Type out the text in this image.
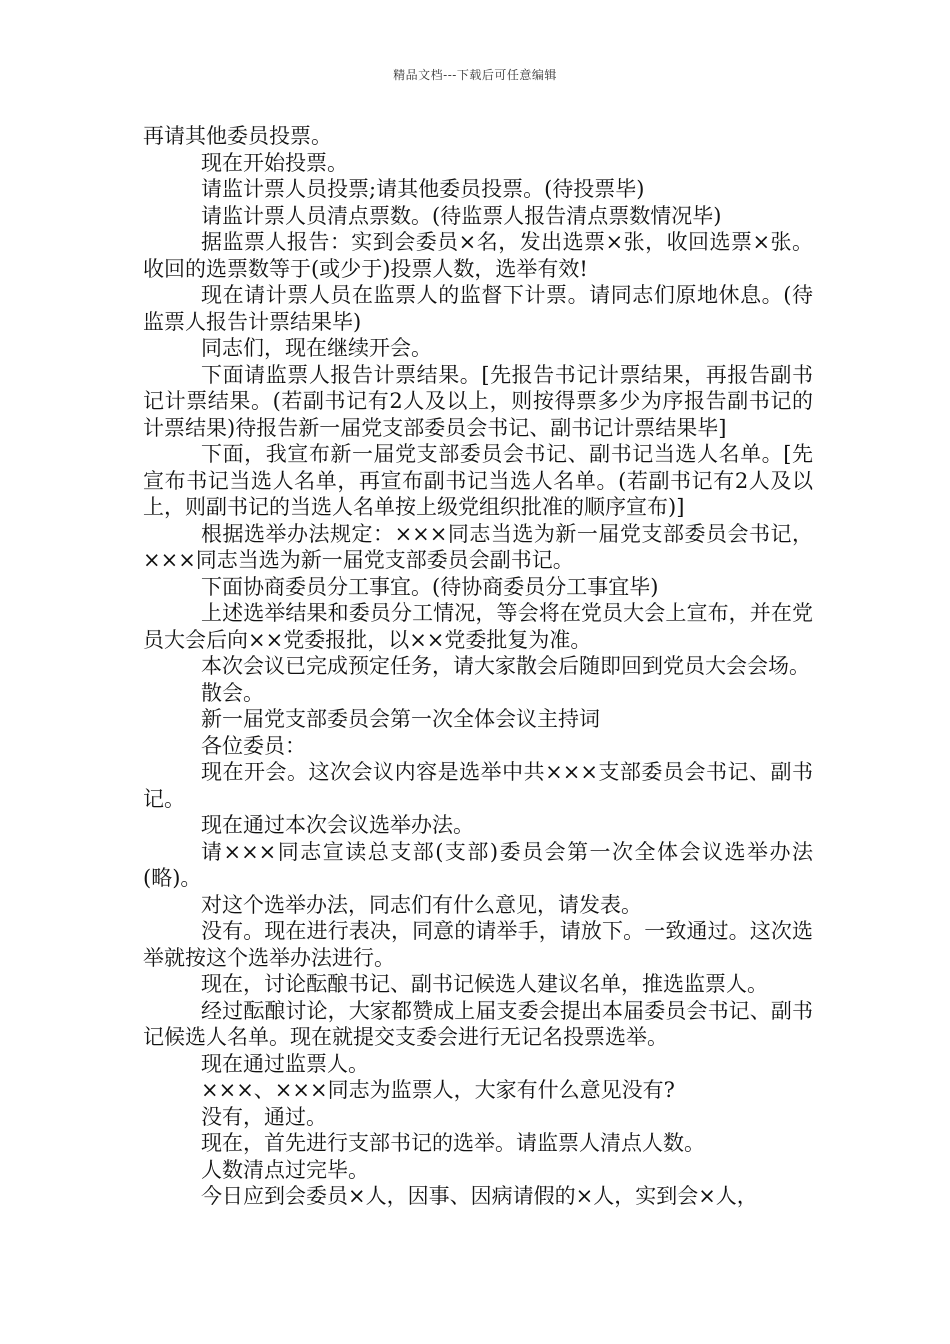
精品文档---下载后可任意编辑

再请其他委员投票。

现在开始投票。

请监计票人员投票;请其他委员投票。(待投票毕)

请监计票人员清点票数。(待监票人报告清点票数情况毕)

据监票人报告：实到会委员×名，发出选票×张，收回选票×张。收回的选票数等于(或少于)投票人数，选举有效!

现在请计票人员在监票人的监督下计票。请同志们原地休息。(待监票人报告计票结果毕)

同志们，现在继续开会。

下面请监票人报告计票结果。[先报告书记计票结果，再报告副书记计票结果。(若副书记有2人及以上，则按得票多少为序报告副书记的计票结果)待报告新一届党支部委员会书记、副书记计票结果毕]

下面，我宣布新一届党支部委员会书记、副书记当选人名单。[先宣布书记当选人名单，再宣布副书记当选人名单。(若副书记有2人及以上，则副书记的当选人名单按上级党组织批准的顺序宣布)]

根据选举办法规定：×××同志当选为新一届党支部委员会书记，×××同志当选为新一届党支部委员会副书记。

下面协商委员分工事宜。(待协商委员分工事宜毕)

上述选举结果和委员分工情况，等会将在党员大会上宣布，并在党员大会后向××党委报批，以××党委批复为准。

本次会议已完成预定任务，请大家散会后随即回到党员大会会场。

散会。

新一届党支部委员会第一次全体会议主持词

各位委员：

现在开会。这次会议内容是选举中共×××支部委员会书记、副书记。

现在通过本次会议选举办法。

请×××同志宣读总支部(支部)委员会第一次全体会议选举办法(略)。

对这个选举办法，同志们有什么意见，请发表。

没有。现在进行表决，同意的请举手，请放下。一致通过。这次选举就按这个选举办法进行。

现在，讨论酝酿书记、副书记候选人建议名单，推选监票人。

经过酝酿讨论，大家都赞成上届支委会提出本届委员会书记、副书记候选人名单。现在就提交支委会进行无记名投票选举。

现在通过监票人。

×××、×××同志为监票人，大家有什么意见没有?

没有，通过。

现在，首先进行支部书记的选举。请监票人清点人数。

人数清点过完毕。

今日应到会委员×人，因事、因病请假的×人，实到会×人，
